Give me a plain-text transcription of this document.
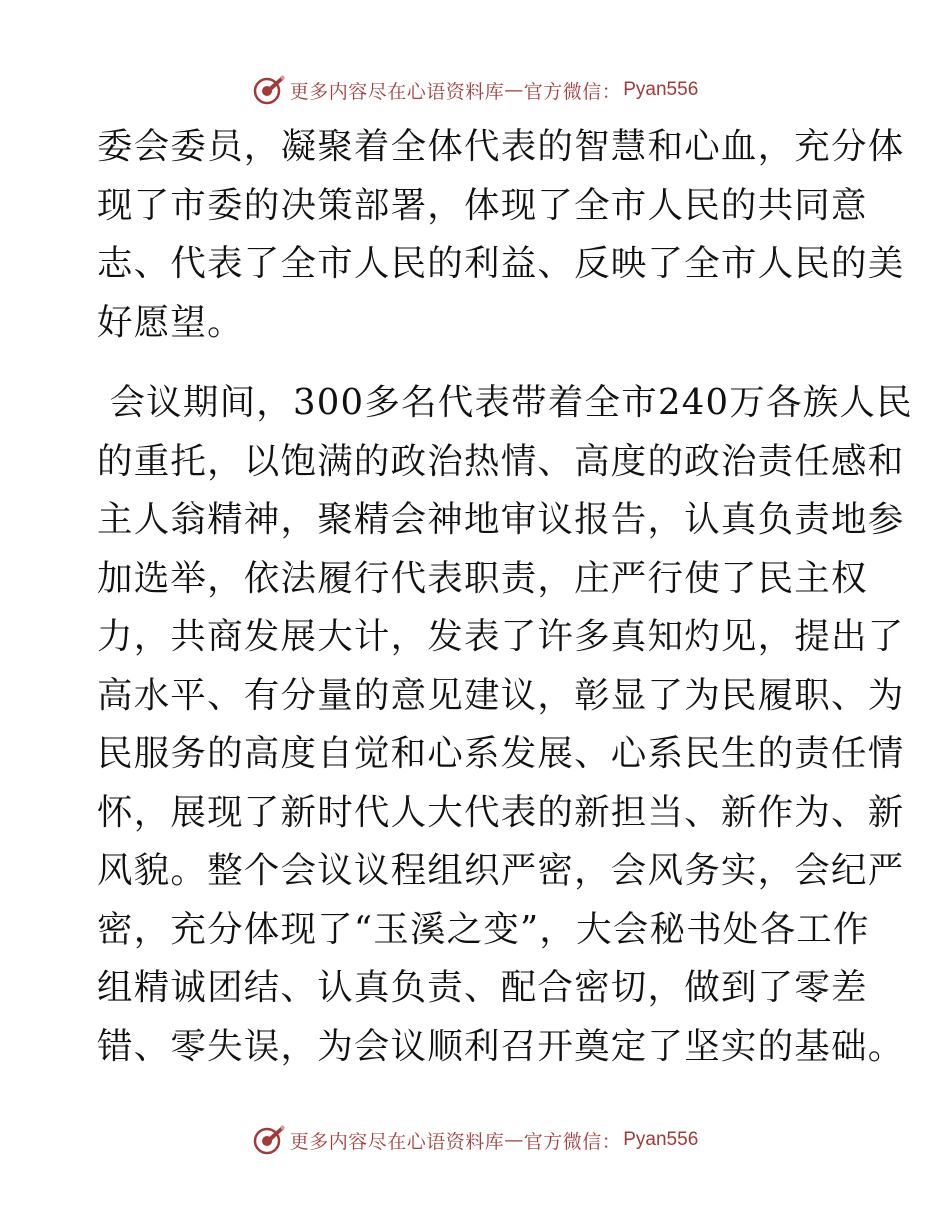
更多内容尽在心语资料库 — 官方微信： Pyan556
委会委员，凝聚着全体代表的智慧和心血，充分体
现了市委的决策部署，体现了全市人民的共同意
志、代表了全市人民的利益、反映了全市人民的美
好愿望。
会议期间，300多名代表带着全市240万各族人民
的重托，以饱满的政治热情、高度的政治责任感和
主人翁精神，聚精会神地审议报告，认真负责地参
加选举，依法履行代表职责，庄严行使了民主权
力，共商发展大计，发表了许多真知灼见，提出了
高水平、有分量的意见建议，彰显了为民履职、为
民服务的高度自觉和心系发展、心系民生的责任情
怀，展现了新时代人大代表的新担当、新作为、新
风貌。整个会议议程组织严密，会风务实，会纪严
密，充分体现了“玉溪之变”，大会秘书处各工作
组精诚团结、认真负责、配合密切，做到了零差
错、零失误，为会议顺利召开奠定了坚实的基础。
更多内容尽在心语资料库 — 官方微信： Pyan556
